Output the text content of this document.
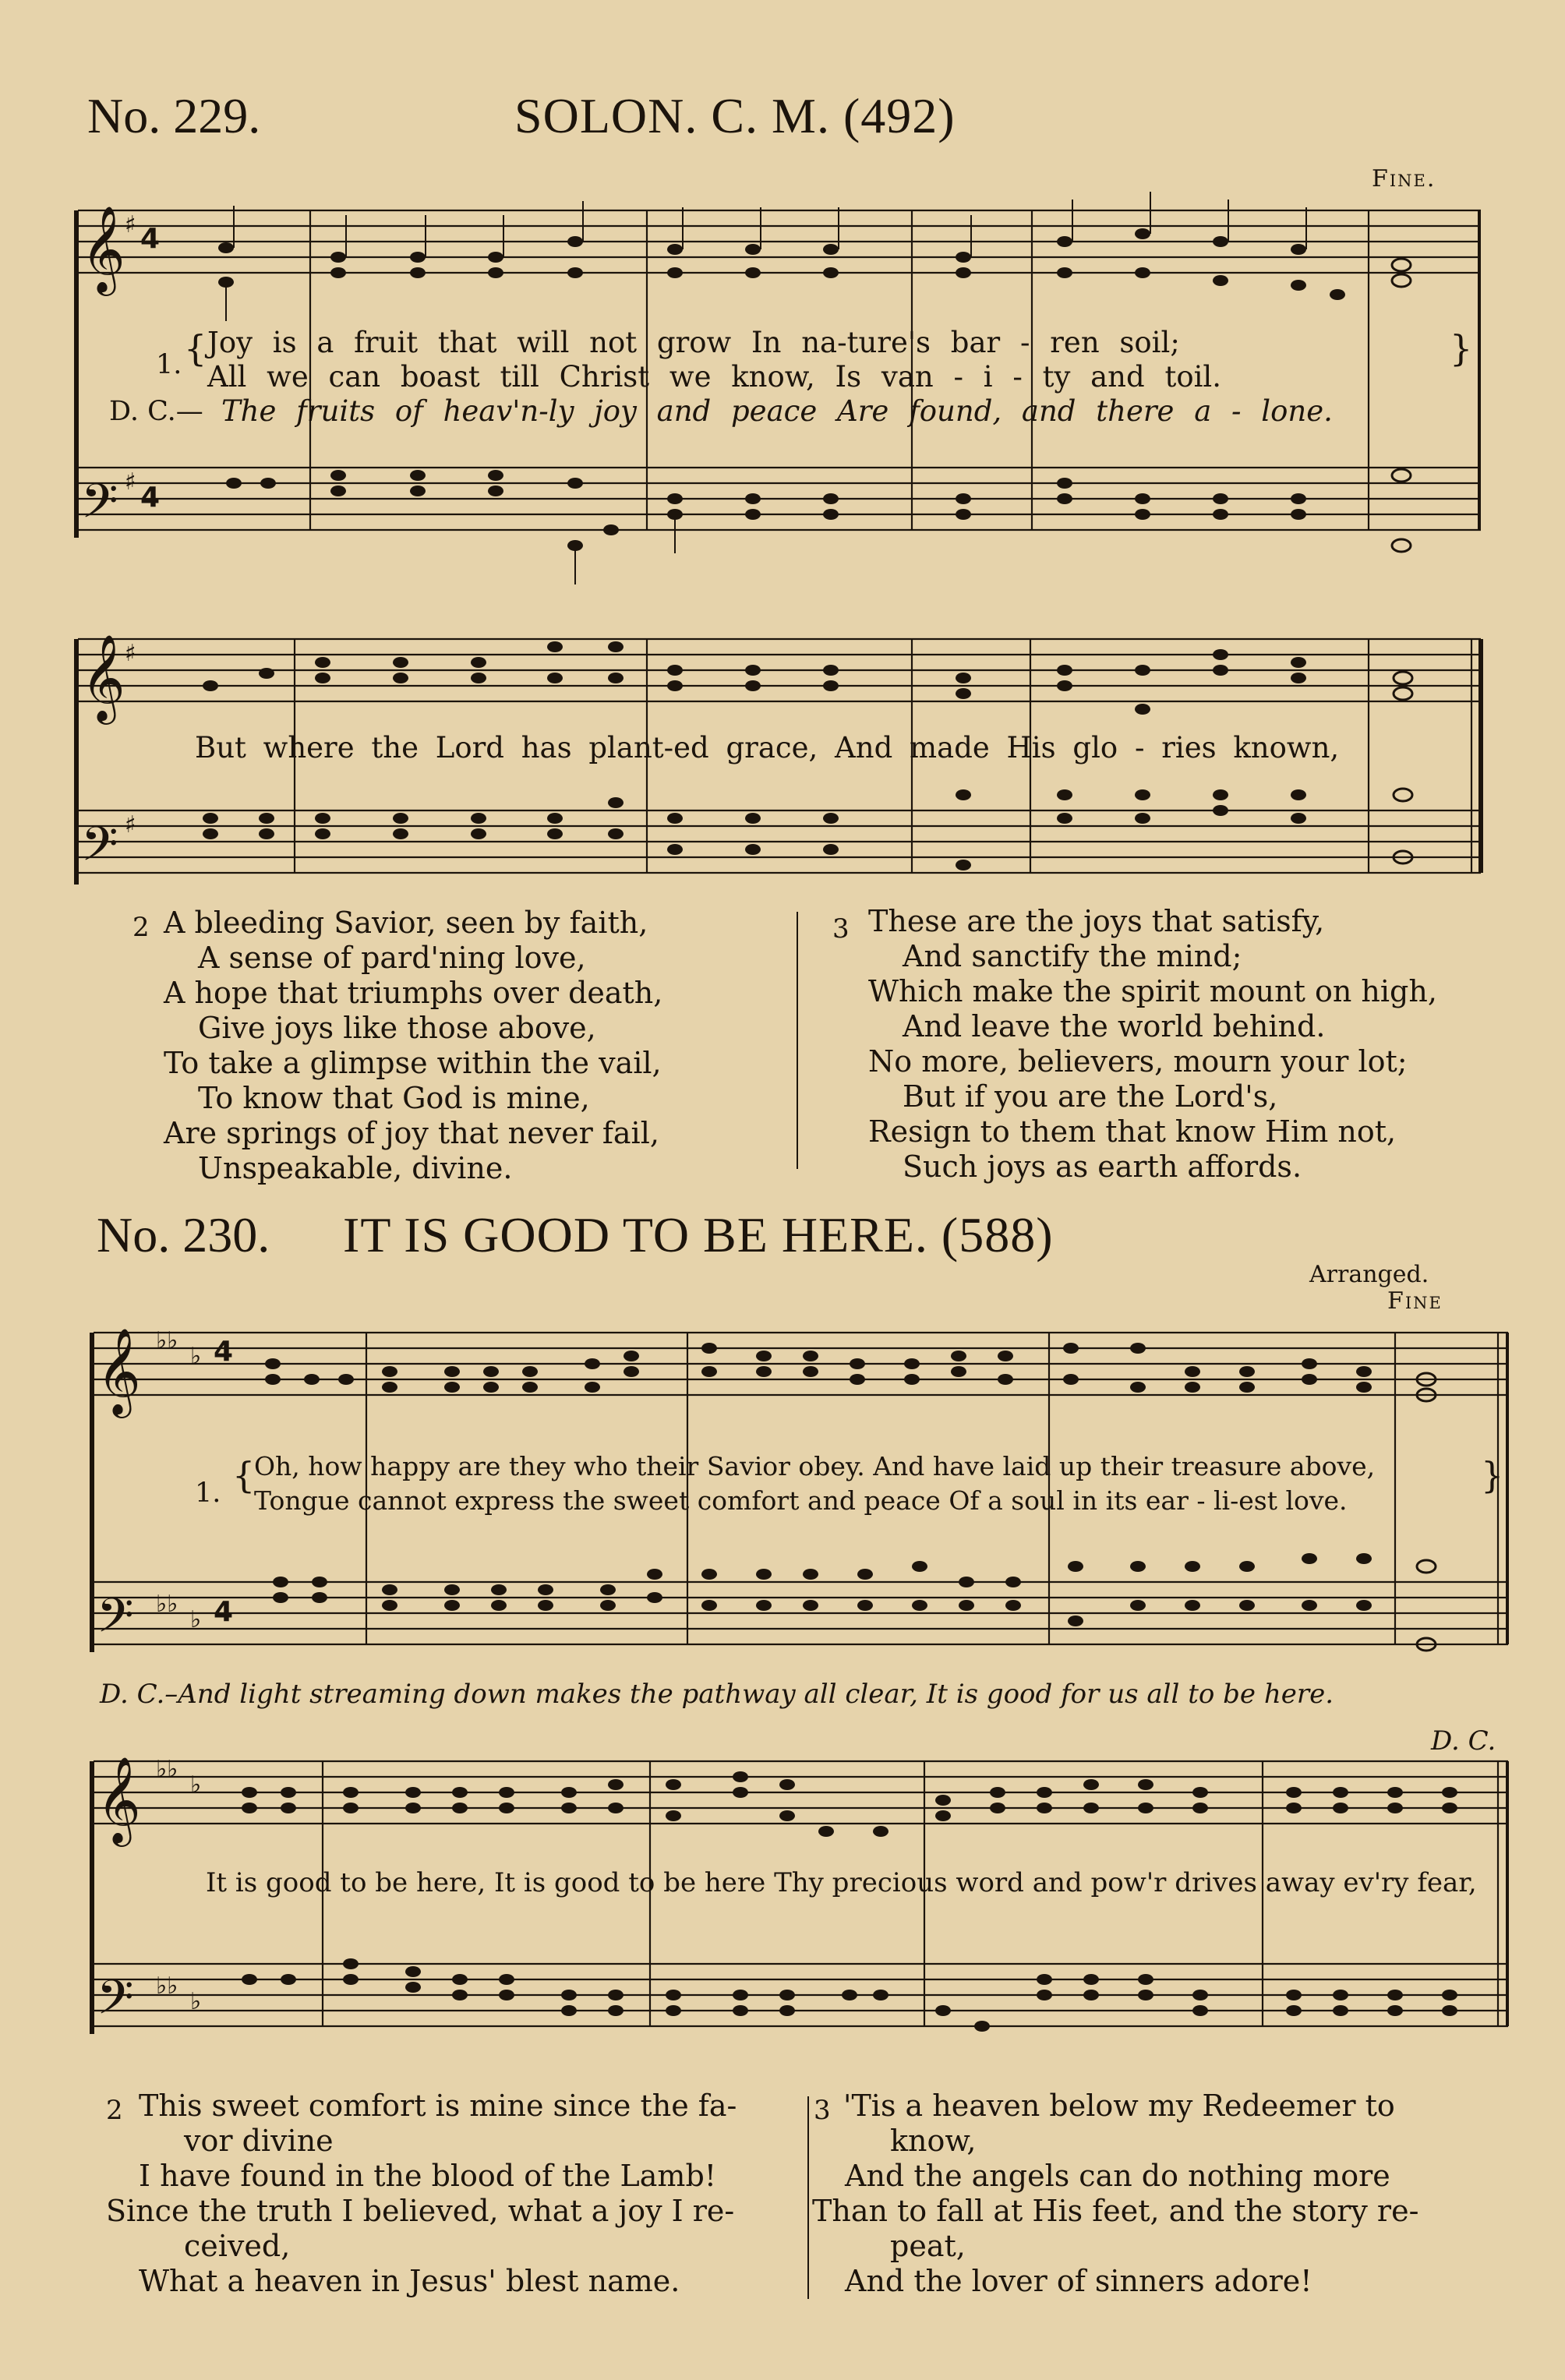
No. 229.	SOLON. C. M. (492)
Fine.
𝄞 ♯ 4
𝄢 ♯ 4
𝄞 ♯
𝄢 ♯
1. { Joy is a fruit that will not grow In na-ture's bar - ren soil;
All we can boast till Christ we know, Is van - i - ty and toil.
}
D. C.— The fruits of heav'n-ly joy and peace Are found, and there a - lone.
But where the Lord has plant-ed grace, And made His glo - ries known,
2 A bleeding Savior, seen by faith,
A sense of pard'ning love,
A hope that triumphs over death,
Give joys like those above,
To take a glimpse within the vail,
To know that God is mine,
Are springs of joy that never fail,
Unspeakable, divine.
3 These are the joys that satisfy,
And sanctify the mind;
Which make the spirit mount on high,
And leave the world behind.
No more, believers, mourn your lot;
But if you are the Lord's,
Resign to them that know Him not,
Such joys as earth affords.
No. 230. IT IS GOOD TO BE HERE. (588)
Arranged.
Fine
𝄞 ♭♭
♭ 4
𝄢 ♭♭
♭ 4
𝄞 ♭♭
♭
𝄢 ♭♭
♭
1. {
Oh, how happy are they who their Savior obey. And have laid up their treasure above,
Tongue cannot express the sweet comfort and peace Of a soul in its ear - li-est love.
}
D. C.–And light streaming down makes the pathway all clear, It is good for us all to be here.
D. C.
It is good to be here, It is good to be here Thy precious word and pow'r drives away ev'ry fear,
2 This sweet comfort is mine since the fa-
vor divine
I have found in the blood of the Lamb!
Since the truth I believed, what a joy I re-
ceived,
What a heaven in Jesus' blest name.
3 'Tis a heaven below my Redeemer to
know,
And the angels can do nothing more
Than to fall at His feet, and the story re-
peat,
And the lover of sinners adore!
